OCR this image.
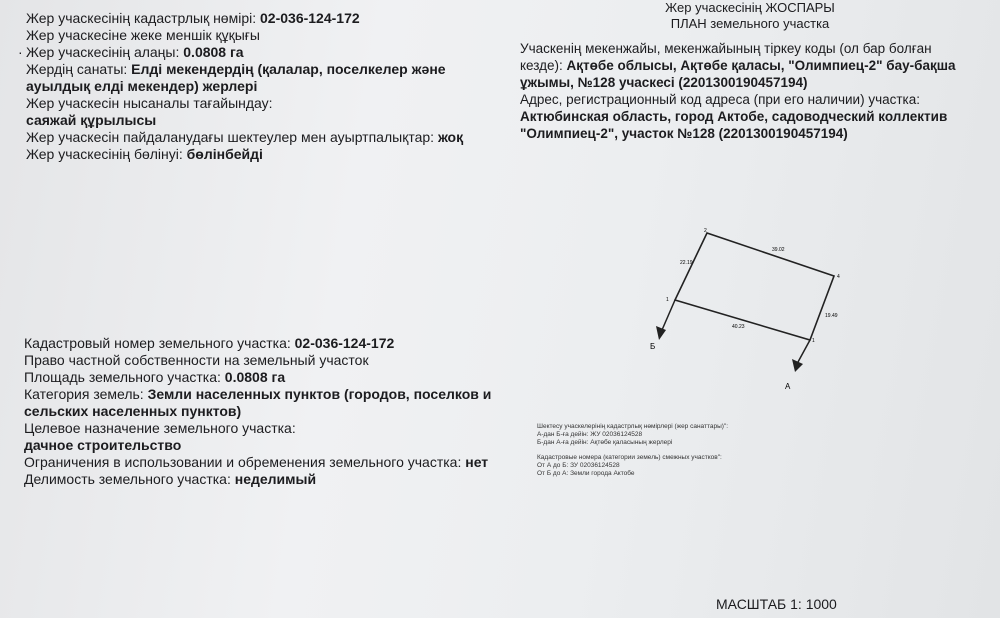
Жер учаскесінің кадастрлық нөмірі: 02-036-124-172
Жер учаскесіне жеке меншік құқығы
· Жер учаскесінің алаңы: 0.0808 га
Жердің санаты: Елді мекендердің (қалалар, поселкелер және ауылдық елді мекендер) жерлері
Жер учаскесін нысаналы тағайындау:
саяжай құрылысы
Жер учаскесін пайдаланудағы шектеулер мен ауыртпалықтар: жоқ
Жер учаскесінің бөлінуі: бөлінбейді
Жер учаскесінің ЖОСПАРЫ
ПЛАН земельного участка
Учаскенің мекенжайы, мекенжайының тіркеу коды (ол бар болған кезде): Ақтөбе облысы, Ақтөбе қаласы, "Олимпиец-2" бау-бақша ұжымы, №128 учаскесі (2201300190457194)
Адрес, регистрационный код адреса (при его наличии) участка:
Актюбинская область, город Актобе, садоводческий коллектив "Олимпиец-2", участок №128 (2201300190457194)
1
2
4
1
22.19
39.02
19.49
40.23
Б
А
Кадастровый номер земельного участка: 02-036-124-172
Право частной собственности на земельный участок
Площадь земельного участка: 0.0808 га
Категория земель: Земли населенных пунктов (городов, поселков и сельских населенных пунктов)
Целевое назначение земельного участка:
дачное строительство
Ограничения в использовании и обременения земельного участка: нет
Делимость земельного участка: неделимый
Шектесу учаскелерінің кадастрлық нөмірлері (жер санаттары)":
А-дан Б-ға дейін: ЖУ 02036124528
Б-дан А-ға дейін: Ақтөбе қаласының жерлері
Кадастровые номера (категории земель) смежных участков":
От А до Б: ЗУ 02036124528
От Б до А: Земли города Актобе
МАСШТАБ 1: 1000
